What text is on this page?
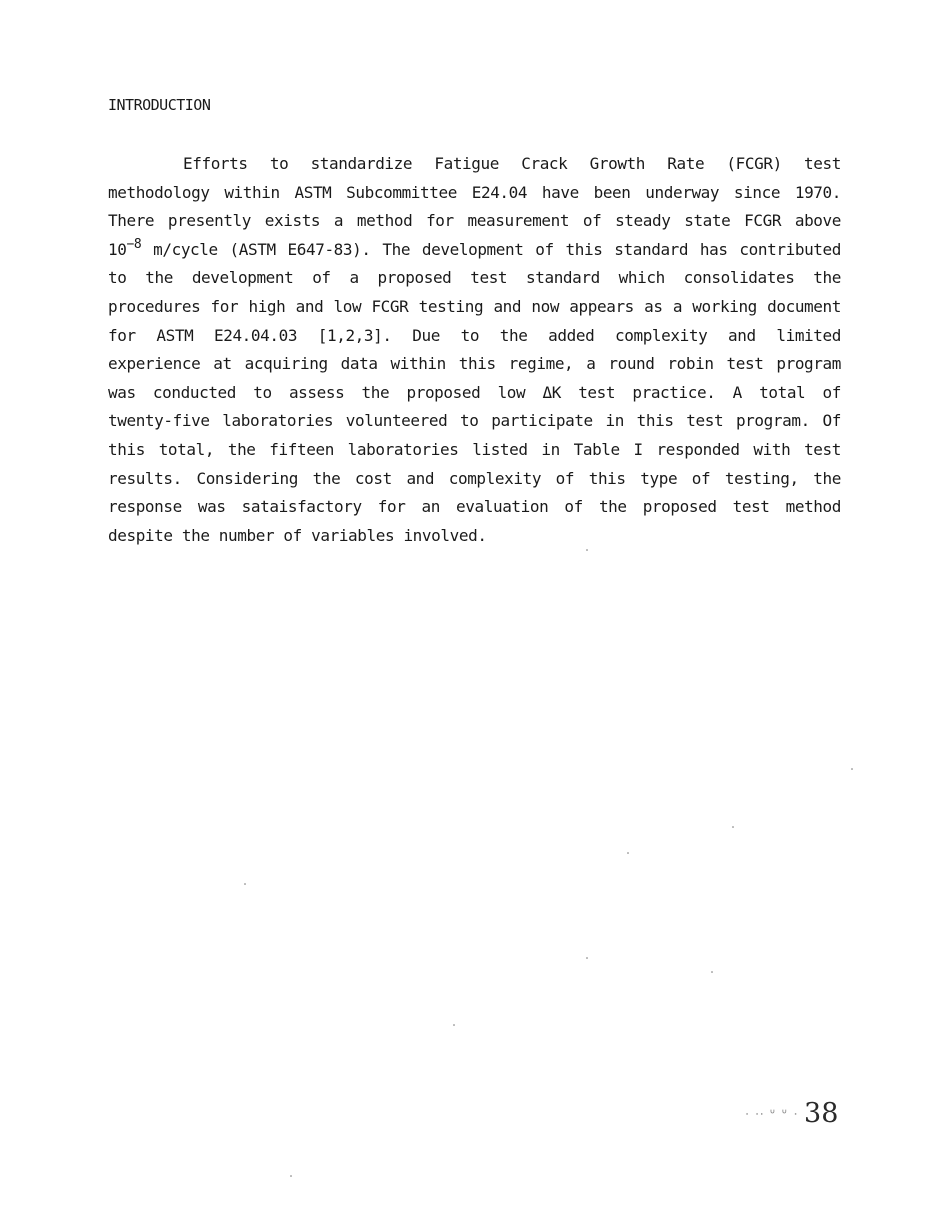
INTRODUCTION
Efforts to standardize Fatigue Crack Growth Rate (FCGR) test
methodology within ASTM Subcommittee E24.04 have been underway since 1970.
There presently exists a method for measurement of steady state FCGR above
$10^{-8}$ m/cycle (ASTM E647-83). The development of this standard has contributed
to the development of a proposed test standard which consolidates the
procedures for high and low FCGR testing and now appears as a working document
for ASTM E24.04.03 [1,2,3]. Due to the added complexity and limited
experience at acquiring data within this regime, a round robin test program
was conducted to assess the proposed low ΔK test practice. A total of
twenty-five laboratories volunteered to participate in this test program. Of
this total, the fifteen laboratories listed in Table I responded with test
results. Considering the cost and complexity of this type of testing, the
response was sataisfactory for an evaluation of the proposed test method
despite the number of variables involved.
ᐧ ᐧᐧ ᐡ ᐡ ᐧ 38
